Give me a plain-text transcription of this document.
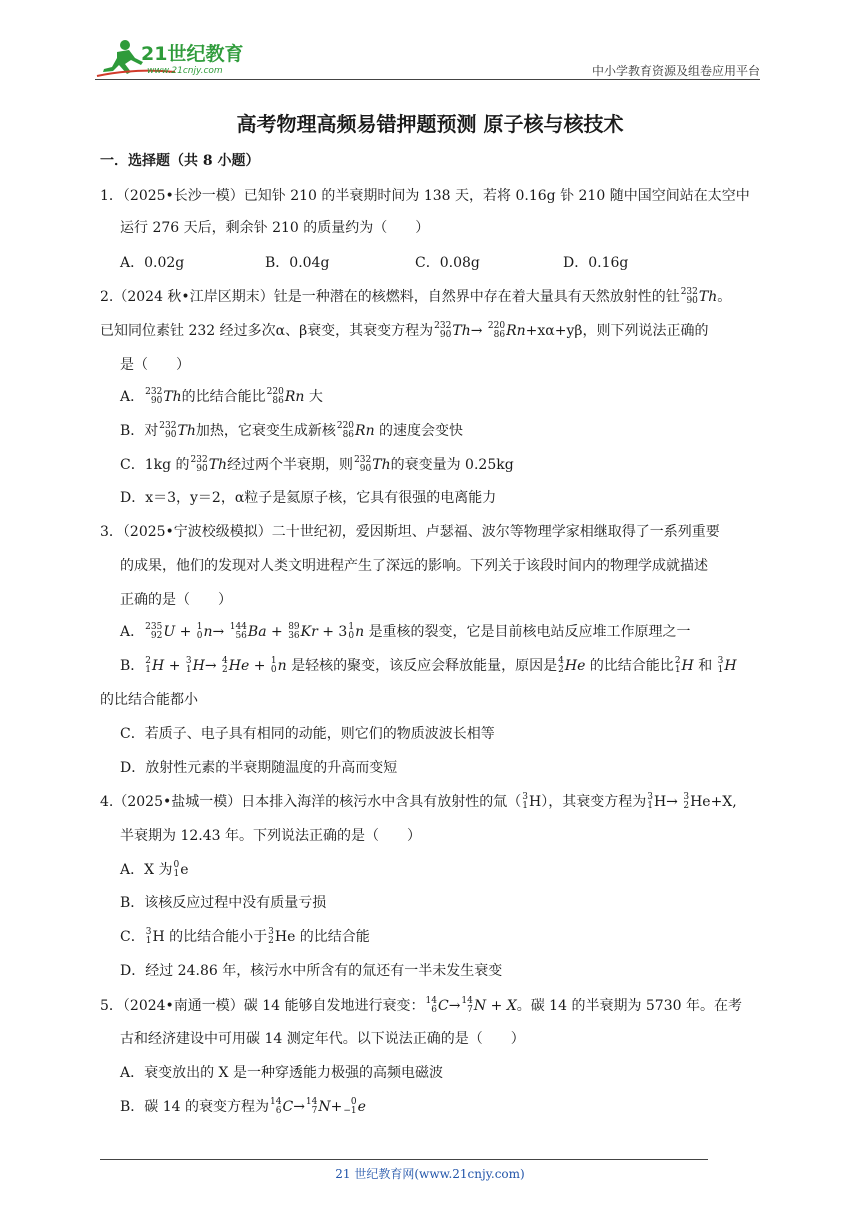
21世纪教育
www.21cnjy.com	中小学教育资源及组卷应用平台
高考物理高频易错押题预测 原子核与核技术
一．选择题（共 8 小题）
1．（2025•长沙一模）已知钋 210 的半衰期时间为 138 天，若将 0.16g 钋 210 随中国空间站在太空中
运行 276 天后，剩余钋 210 的质量约为（　　）
A．0.02g	B．0.04g	C．0.08g	D．0.16g
2.（2024 秋•江岸区期末）钍是一种潜在的核燃料，自然界中存在着大量具有天然放射性的钍 232
90 Th。
已知同位素钍 232 经过多次α、β衰变，其衰变方程为 232
90 Th→ 220
86 Rn+xα+yβ，则下列说法正确的
是（　　）
A． 232
90 Th的比结合能比 220
86 Rn 大
B．对 232
90 Th加热，它衰变生成新核 220
86 Rn 的速度会变快
C．1kg 的 232
90 Th经过两个半衰期，则 232
90 Th的衰变量为 0.25kg
D．x＝3，y＝2，α粒子是氦原子核，它具有很强的电离能力
3．（2025•宁波校级模拟）二十世纪初，爱因斯坦、卢瑟福、波尔等物理学家相继取得了一系列重要
的成果，他们的发现对人类文明进程产生了深远的影响。下列关于该段时间内的物理学成就描述
正确的是（　　）
A． 235
92 U + 1
0 n→ 144
56 Ba + 89
36 Kr + 3 1
0 n 是重核的裂变，它是目前核电站反应堆工作原理之一
B． 2
1 H + 3
1 H→ 4
2 He + 1
0 n 是轻核的聚变，该反应会释放能量，原因是 4
2 He 的比结合能比 2
1 H 和 3
1 H
的比结合能都小
C．若质子、电子具有相同的动能，则它们的物质波波长相等
D．放射性元素的半衰期随温度的升高而变短
4.（2025•盐城一模）日本排入海洋的核污水中含具有放射性的氚（ 3
1 H），其衰变方程为 3
1 H→ 3
2 He+X,
半衰期为 12.43 年。下列说法正确的是（　　）
A．X 为 0
1 e
B．该核反应过程中没有质量亏损
C． 3
1 H 的比结合能小于 3
2 He 的比结合能
D．经过 24.86 年，核污水中所含有的氚还有一半未发生衰变
5．（2024•南通一模）碳 14 能够自发地进行衰变： 14
6 C→ 14
7 N + X。碳 14 的半衰期为 5730 年。在考
古和经济建设中可用碳 14 测定年代。以下说法正确的是（　　）
A．衰变放出的 X 是一种穿透能力极强的高频电磁波
B．碳 14 的衰变方程为 14
6 C→ 14
7 N+ 0
−1 e
21 世纪教育网(www.21cnjy.com)
